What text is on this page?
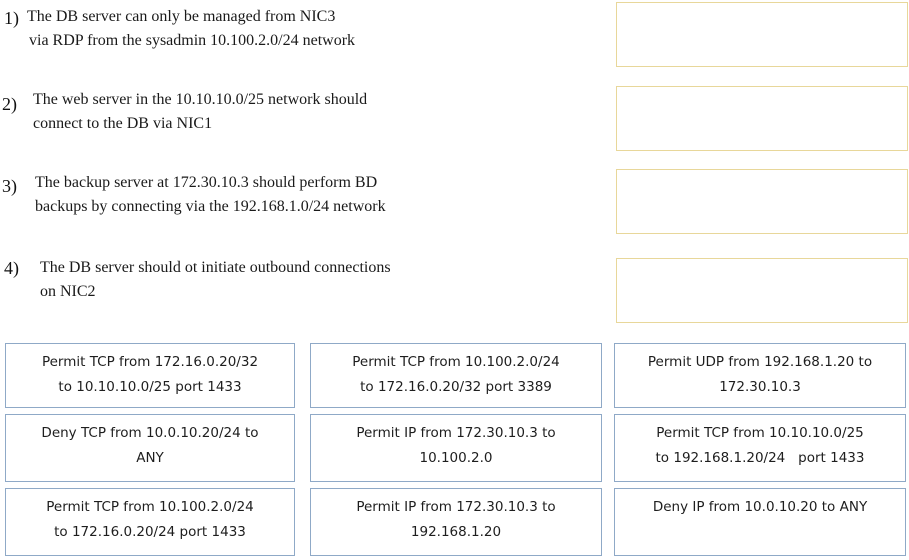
1) The DB server can only be managed from NIC3
via RDP from the sysadmin 10.100.2.0/24 network
2) The web server in the 10.10.10.0/25 network should
connect to the DB via NIC1
3) The backup server at 172.30.10.3 should perform BD
backups by connecting via the 192.168.1.0/24 network
4) The DB server should ot initiate outbound connections
on NIC2
Permit TCP from 172.16.0.20/32
to 10.10.10.0/25 port 1433
Permit TCP from 10.100.2.0/24
to 172.16.0.20/32 port 3389
Permit UDP from 192.168.1.20 to
172.30.10.3
Deny TCP from 10.0.10.20/24 to
ANY
Permit IP from 172.30.10.3 to
10.100.2.0
Permit TCP from 10.10.10.0/25
to 192.168.1.20/24   port 1433
Permit TCP from 10.100.2.0/24
to 172.16.0.20/24 port 1433
Permit IP from 172.30.10.3 to
192.168.1.20
Deny IP from 10.0.10.20 to ANY
